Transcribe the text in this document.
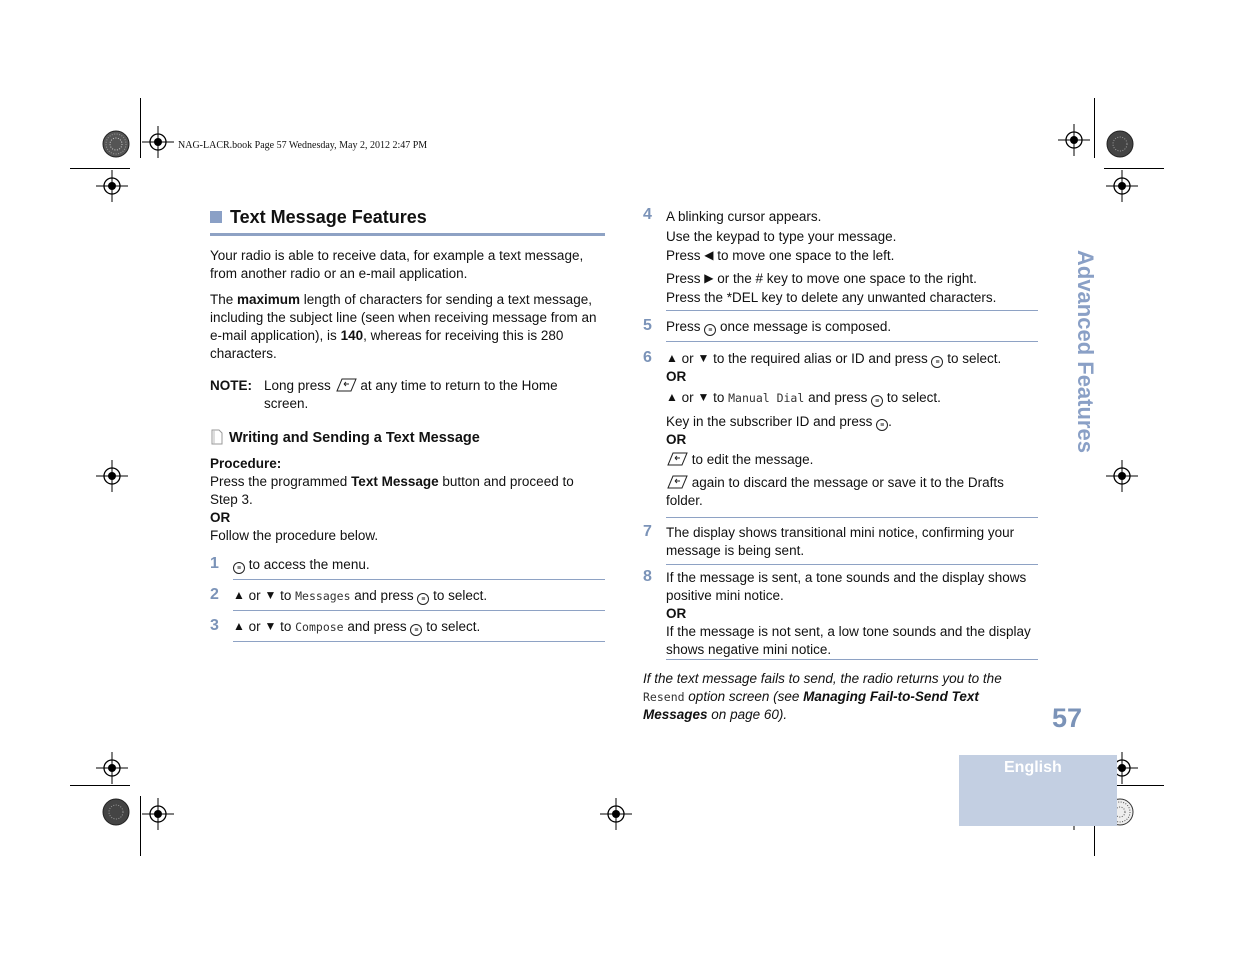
NAG-LACR.book Page 57 Wednesday, May 2, 2012 2:47 PM
Advanced Features
57
English
Text Message Features
Your radio is able to receive data, for example a text message, from another radio or an e-mail application.
The maximum length of characters for sending a text message, including the subject line (seen when receiving message from an e-mail application), is 140, whereas for receiving this is 280 characters.
NOTE: Long press at any time to return to the Home screen.
Writing and Sending a Text Message
Procedure:
Press the programmed Text Message button and proceed to Step 3.
OR
Follow the procedure below.
1	≡ to access the menu.
2	▲ or ▼ to Messages and press ≡ to select.
3	▲ or ▼ to Compose and press ≡ to select.
4	A blinking cursor appears.
Use the keypad to type your message.
Press ◀ to move one space to the left.
Press ▶ or the # key to move one space to the right.
Press the *DEL key to delete any unwanted characters.
5	Press ≡ once message is composed.
6	▲ or ▼ to the required alias or ID and press ≡ to select.
OR
▲ or ▼ to Manual Dial and press ≡ to select.
Key in the subscriber ID and press ≡ .
OR
to edit the message.
again to discard the message or save it to the Drafts folder.
7	The display shows transitional mini notice, confirming your message is being sent.
8	If the message is sent, a tone sounds and the display shows positive mini notice.
OR
If the message is not sent, a low tone sounds and the display shows negative mini notice.
If the text message fails to send, the radio returns you to the Resend option screen (see Managing Fail-to-Send Text Messages on page 60).
